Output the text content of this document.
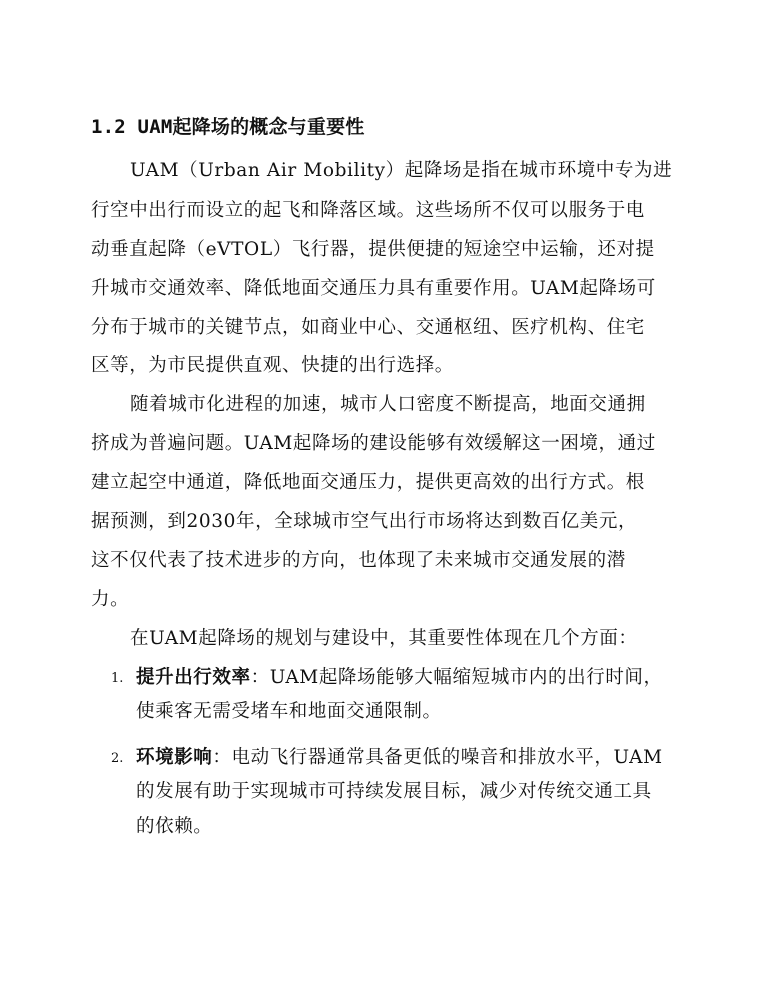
1.2 UAM起降场的概念与重要性
UAM（Urban Air Mobility）起降场是指在城市环境中专为进
行空中出行而设立的起飞和降落区域。这些场所不仅可以服务于电
动垂直起降（eVTOL）飞行器，提供便捷的短途空中运输，还对提
升城市交通效率、降低地面交通压力具有重要作用。UAM起降场可
分布于城市的关键节点，如商业中心、交通枢纽、医疗机构、住宅
区等，为市民提供直观、快捷的出行选择。
随着城市化进程的加速，城市人口密度不断提高，地面交通拥
挤成为普遍问题。UAM起降场的建设能够有效缓解这一困境，通过
建立起空中通道，降低地面交通压力，提供更高效的出行方式。根
据预测，到2030年，全球城市空气出行市场将达到数百亿美元，
这不仅代表了技术进步的方向，也体现了未来城市交通发展的潜
力。
在UAM起降场的规划与建设中，其重要性体现在几个方面：
1. 提升出行效率：UAM起降场能够大幅缩短城市内的出行时间，
使乘客无需受堵车和地面交通限制。
2. 环境影响：电动飞行器通常具备更低的噪音和排放水平，UAM
的发展有助于实现城市可持续发展目标，减少对传统交通工具
的依赖。
